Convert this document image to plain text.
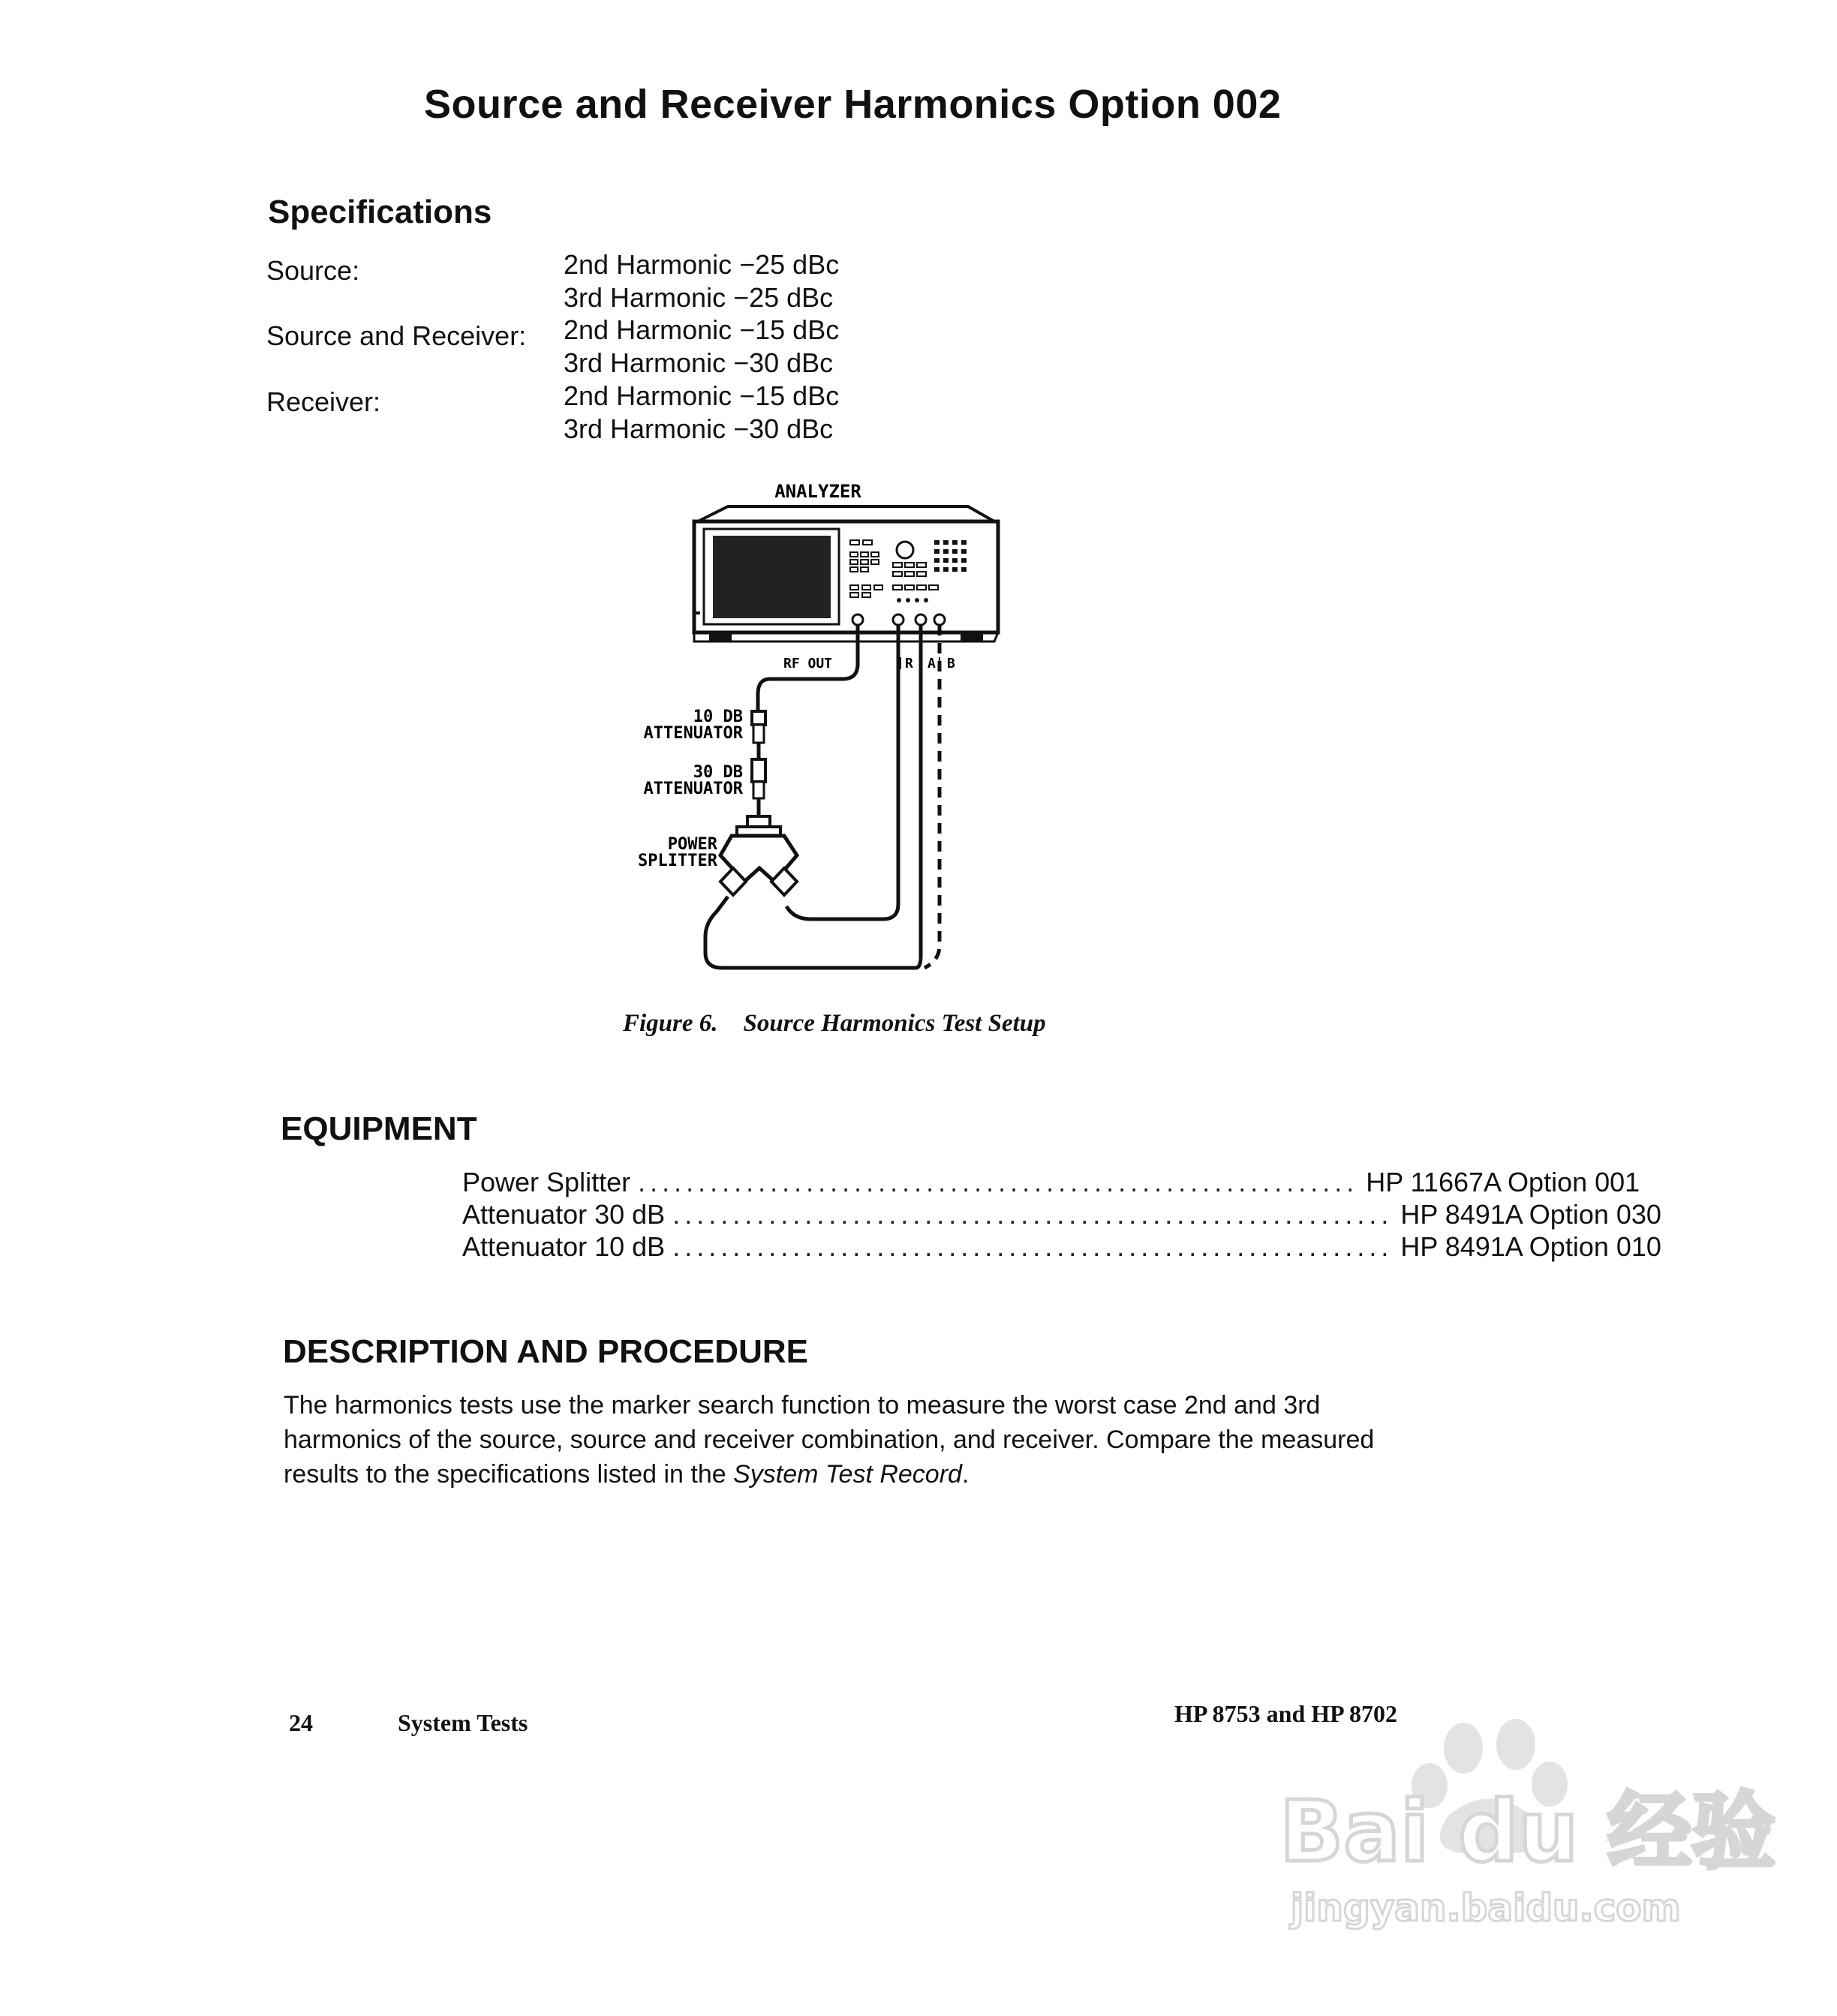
Source and Receiver Harmonics Option 002
Specifications
Source:	2nd Harmonic −25 dBc
3rd Harmonic −25 dBc
Source and Receiver: 2nd Harmonic −15 dBc
3rd Harmonic −30 dBc
Receiver:	2nd Harmonic −15 dBc
3rd Harmonic −30 dBc
ANALYZER
RF OUT	R A B
10 DB
ATTENUATOR
30 DB
ATTENUATOR
POWER
SPLITTER
Figure 6. Source Harmonics Test Setup
EQUIPMENT
Power Splitter ............................................................ HP 11667A Option 001
Attenuator 30 dB ............................................................ HP 8491A Option 030
Attenuator 10 dB ............................................................ HP 8491A Option 010
DESCRIPTION AND PROCEDURE
The harmonics tests use the marker search function to measure the worst case 2nd and 3rd harmonics of the source, source and receiver combination, and receiver. Compare the measured results to the specifications listed in the System Test Record.
24	System Tests	HP 8753 and HP 8702
Bai du 经验
jingyan.baidu.com
